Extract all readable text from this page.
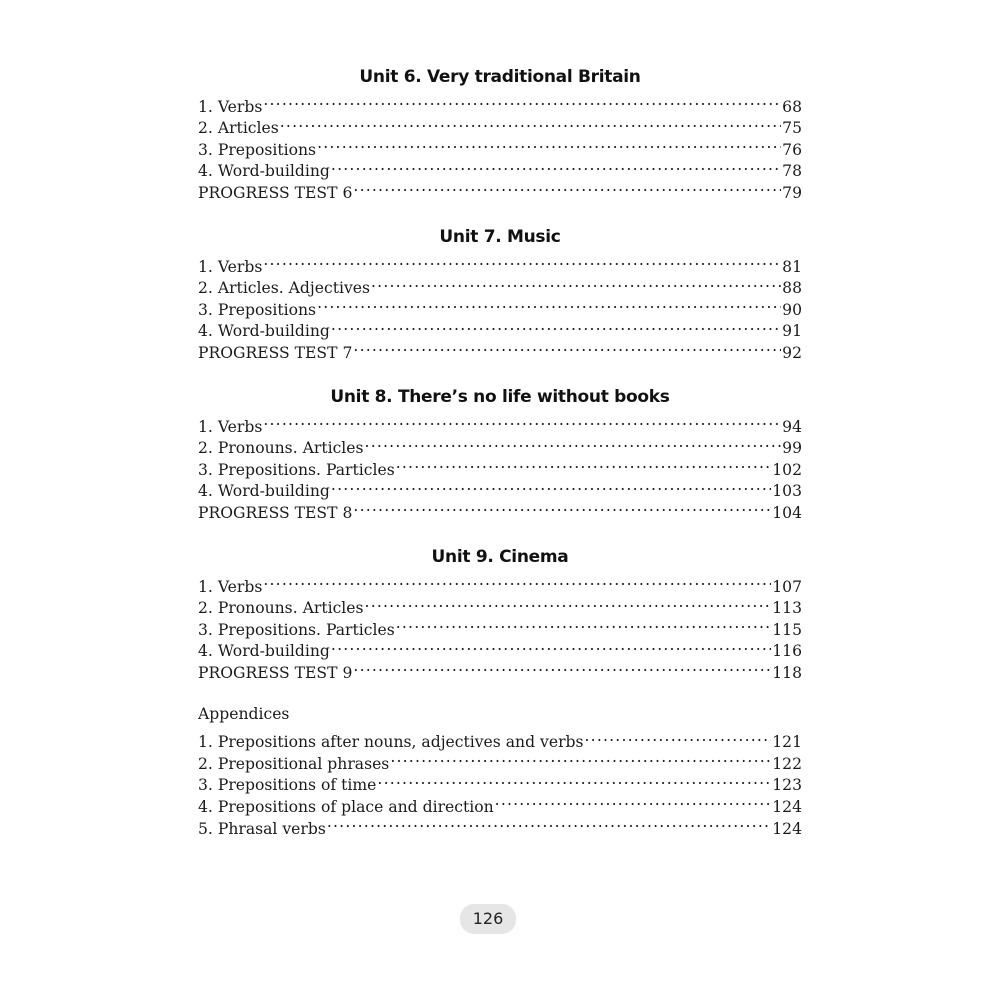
Unit 6. Very traditional Britain
1. Verbs .....	68
2. Articles .....	75
3. Prepositions .....	76
4. Word-building .....	78
PROGRESS TEST 6 .....	79
Unit 7. Music
1. Verbs .....	81
2. Articles. Adjectives .....	88
3. Prepositions .....	90
4. Word-building .....	91
PROGRESS TEST 7 .....	92
Unit 8. There’s no life without books
1. Verbs .....	94
2. Pronouns. Articles .....	99
3. Prepositions. Particles .....	102
4. Word-building .....	103
PROGRESS TEST 8 .....	104
Unit 9. Cinema
1. Verbs .....	107
2. Pronouns. Articles .....	113
3. Prepositions. Particles .....	115
4. Word-building .....	116
PROGRESS TEST 9 .....	118
Appendices
1. Prepositions after nouns, adjectives and verbs .....	121
2. Prepositional phrases .....	122
3. Prepositions of time .....	123
4. Prepositions of place and direction .....	124
5. Phrasal verbs .....	124
126
